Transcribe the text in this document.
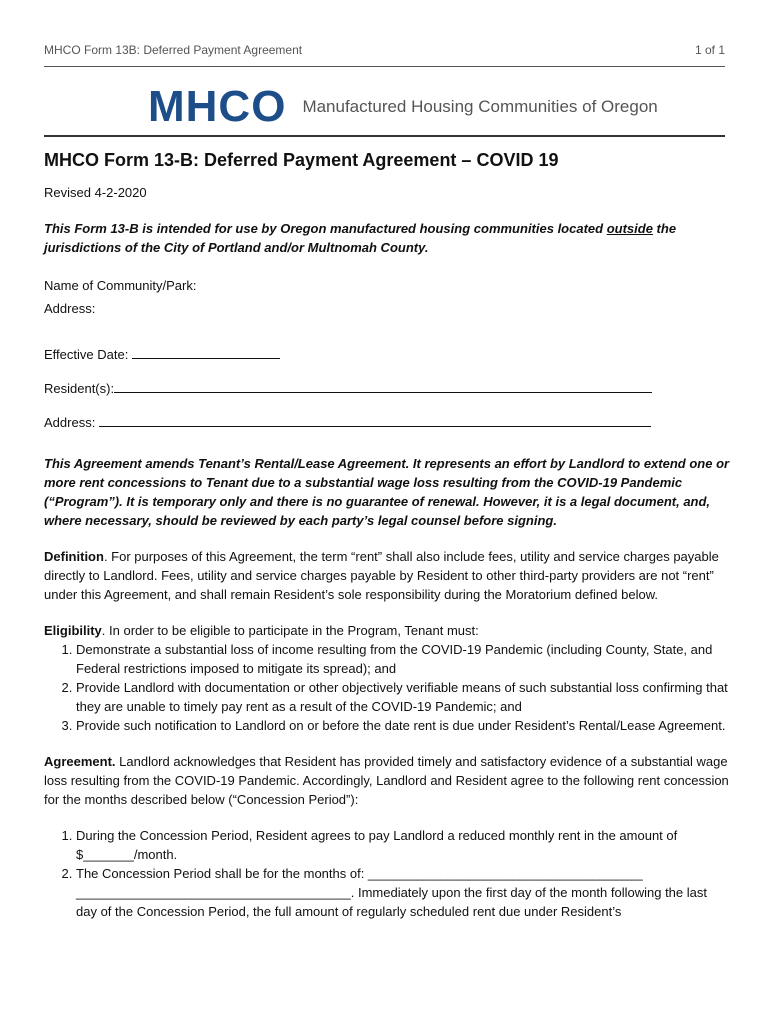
MHCO Form 13B: Deferred Payment Agreement	1 of 1
MHCO Manufactured Housing Communities of Oregon
MHCO Form 13-B: Deferred Payment Agreement – COVID 19

Revised 4-2-2020

This Form 13-B is intended for use by Oregon manufactured housing communities located outside the jurisdictions of the City of Portland and/or Multnomah County.

Name of Community/Park:

Address:

Effective Date:

Resident(s):

Address:

This Agreement amends Tenant’s Rental/Lease Agreement. It represents an effort by Landlord to extend one or more rent concessions to Tenant due to a substantial wage loss resulting from the COVID-19 Pandemic (“Program”). It is temporary only and there is no guarantee of renewal. However, it is a legal document, and, where necessary, should be reviewed by each party’s legal counsel before signing.

Definition. For purposes of this Agreement, the term “rent” shall also include fees, utility and service charges payable directly to Landlord. Fees, utility and service charges payable by Resident to other third-party providers are not “rent” under this Agreement, and shall remain Resident’s sole responsibility during the Moratorium defined below.

Eligibility. In order to be eligible to participate in the Program, Tenant must:

1. Demonstrate a substantial loss of income resulting from the COVID-19 Pandemic (including County, State, and Federal restrictions imposed to mitigate its spread); and
2. Provide Landlord with documentation or other objectively verifiable means of such substantial loss confirming that they are unable to timely pay rent as a result of the COVID-19 Pandemic; and
3. Provide such notification to Landlord on or before the date rent is due under Resident’s Rental/Lease Agreement.

Agreement. Landlord acknowledges that Resident has provided timely and satisfactory evidence of a substantial wage loss resulting from the COVID-19 Pandemic. Accordingly, Landlord and Resident agree to the following rent concession for the months described below (“Concession Period”):

1. During the Concession Period, Resident agrees to pay Landlord a reduced monthly rent in the amount of $_______/month.
2. The Concession Period shall be for the months of: ______________________________________ ______________________________________. Immediately upon the first day of the month following the last day of the Concession Period, the full amount of regularly scheduled rent due under Resident’s
